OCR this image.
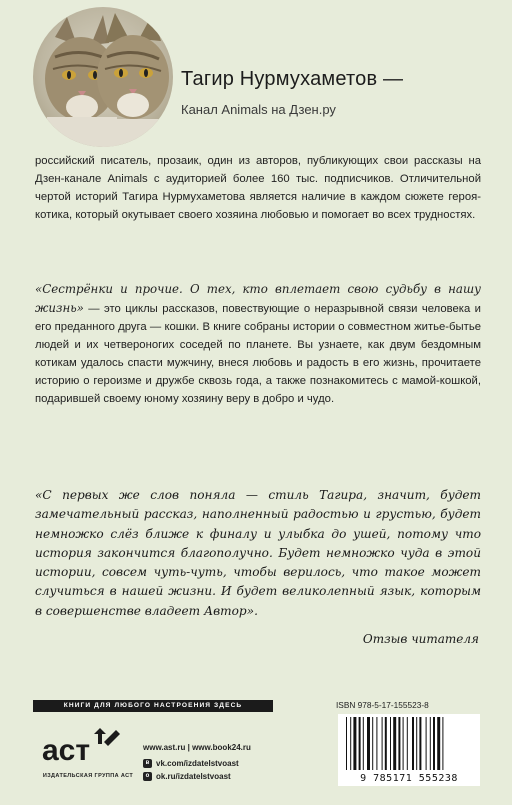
Тагир Нурмухаметов —
Канал Animals на Дзен.ру

российский писатель, прозаик, один из авторов, публикующих свои рассказы на Дзен-канале Animals с аудиторией более 160 тыс. подписчиков. Отличительной чертой историй Тагира Нурмухаметова является наличие в каждом сюжете героя-котика, который окутывает своего хозяина любовью и помогает во всех трудностях.

«Сестрёнки и прочие. О тех, кто вплетает свою судьбу в нашу жизнь» — это циклы рассказов, повествующие о неразрывной связи человека и его преданного друга — кошки. В книге собраны истории о совместном житье-бытье людей и их четвероногих соседей по планете. Вы узнаете, как двум бездомным котикам удалось спасти мужчину, внеся любовь и радость в его жизнь, прочитаете историю о героизме и дружбе сквозь года, а также познакомитесь с мамой-кошкой, подарившей своему юному хозяину веру в добро и чудо.

«С первых же слов поняла — стиль Тагира, значит, будет замечательный рассказ, наполненный радостью и грустью, будет немножко слёз ближе к финалу и улыбка до ушей, потому что история закончится благополучно. Будет немножко чуда в этой истории, совсем чуть-чуть, чтобы верилось, что такое может случиться в нашей жизни. И будет великолепный язык, которым в совершенстве владеет Автор».

Отзыв читателя
КНИГИ ДЛЯ ЛЮБОГО НАСТРОЕНИЯ ЗДЕСЬ
аст
ИЗДАТЕЛЬСКАЯ ГРУППА АСТ
www.ast.ru | www.book24.ru
в vk.com/izdatelstvoast
о ok.ru/izdatelstvoast
ISBN 978-5-17-155523-8
9 785171 555238
